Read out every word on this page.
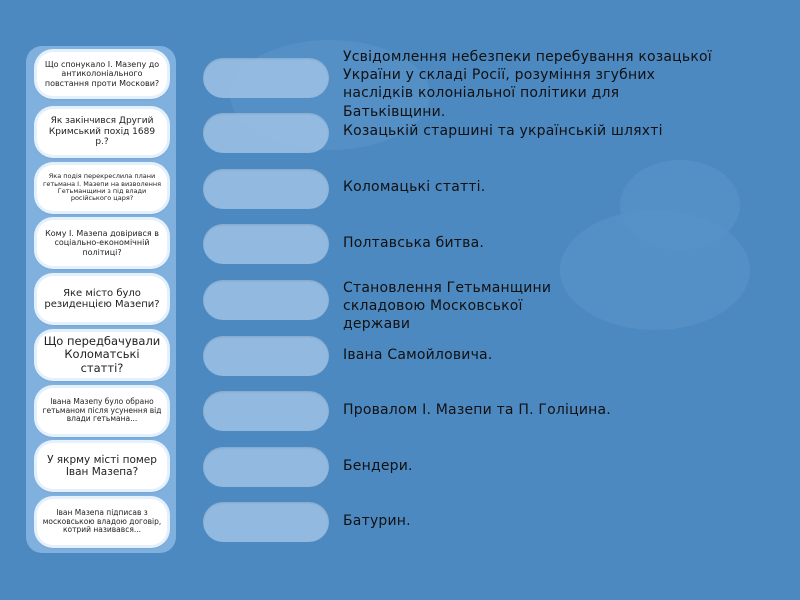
Що спонукало І. Мазепу до антиколоніального повстання проти Москови?
Як закінчився Другий Кримський похід 1689 р.?
Яка подія перекреслила плани гетьмана І. Мазепи на визволення Гетьманщини з під влади російського царя?
Кому І. Мазепа довірився в соціально-економічній політиці?
Яке місто було резиденцією Мазепи?
Що передбачували Коломатські статті?
Івана Мазепу було обрано гетьманом після усунення від влади гетьмана...
У якрму місті помер Іван Мазепа?
Іван Мазепа підписав з московською владою договір, котрий називався...
Усвідомлення небезпеки перебування козацької України у складі Росії, розуміння згубних наслідків колоніальної політики для Батьківщини.
Козацькій старшині та українській шляхті
Коломацькі статті.
Полтавська битва.
Становлення Гетьманщини складовою Московської держави
Івана Самойловича.
Провалом І. Мазепи та П. Голіцина.
Бендери.
Батурин.
